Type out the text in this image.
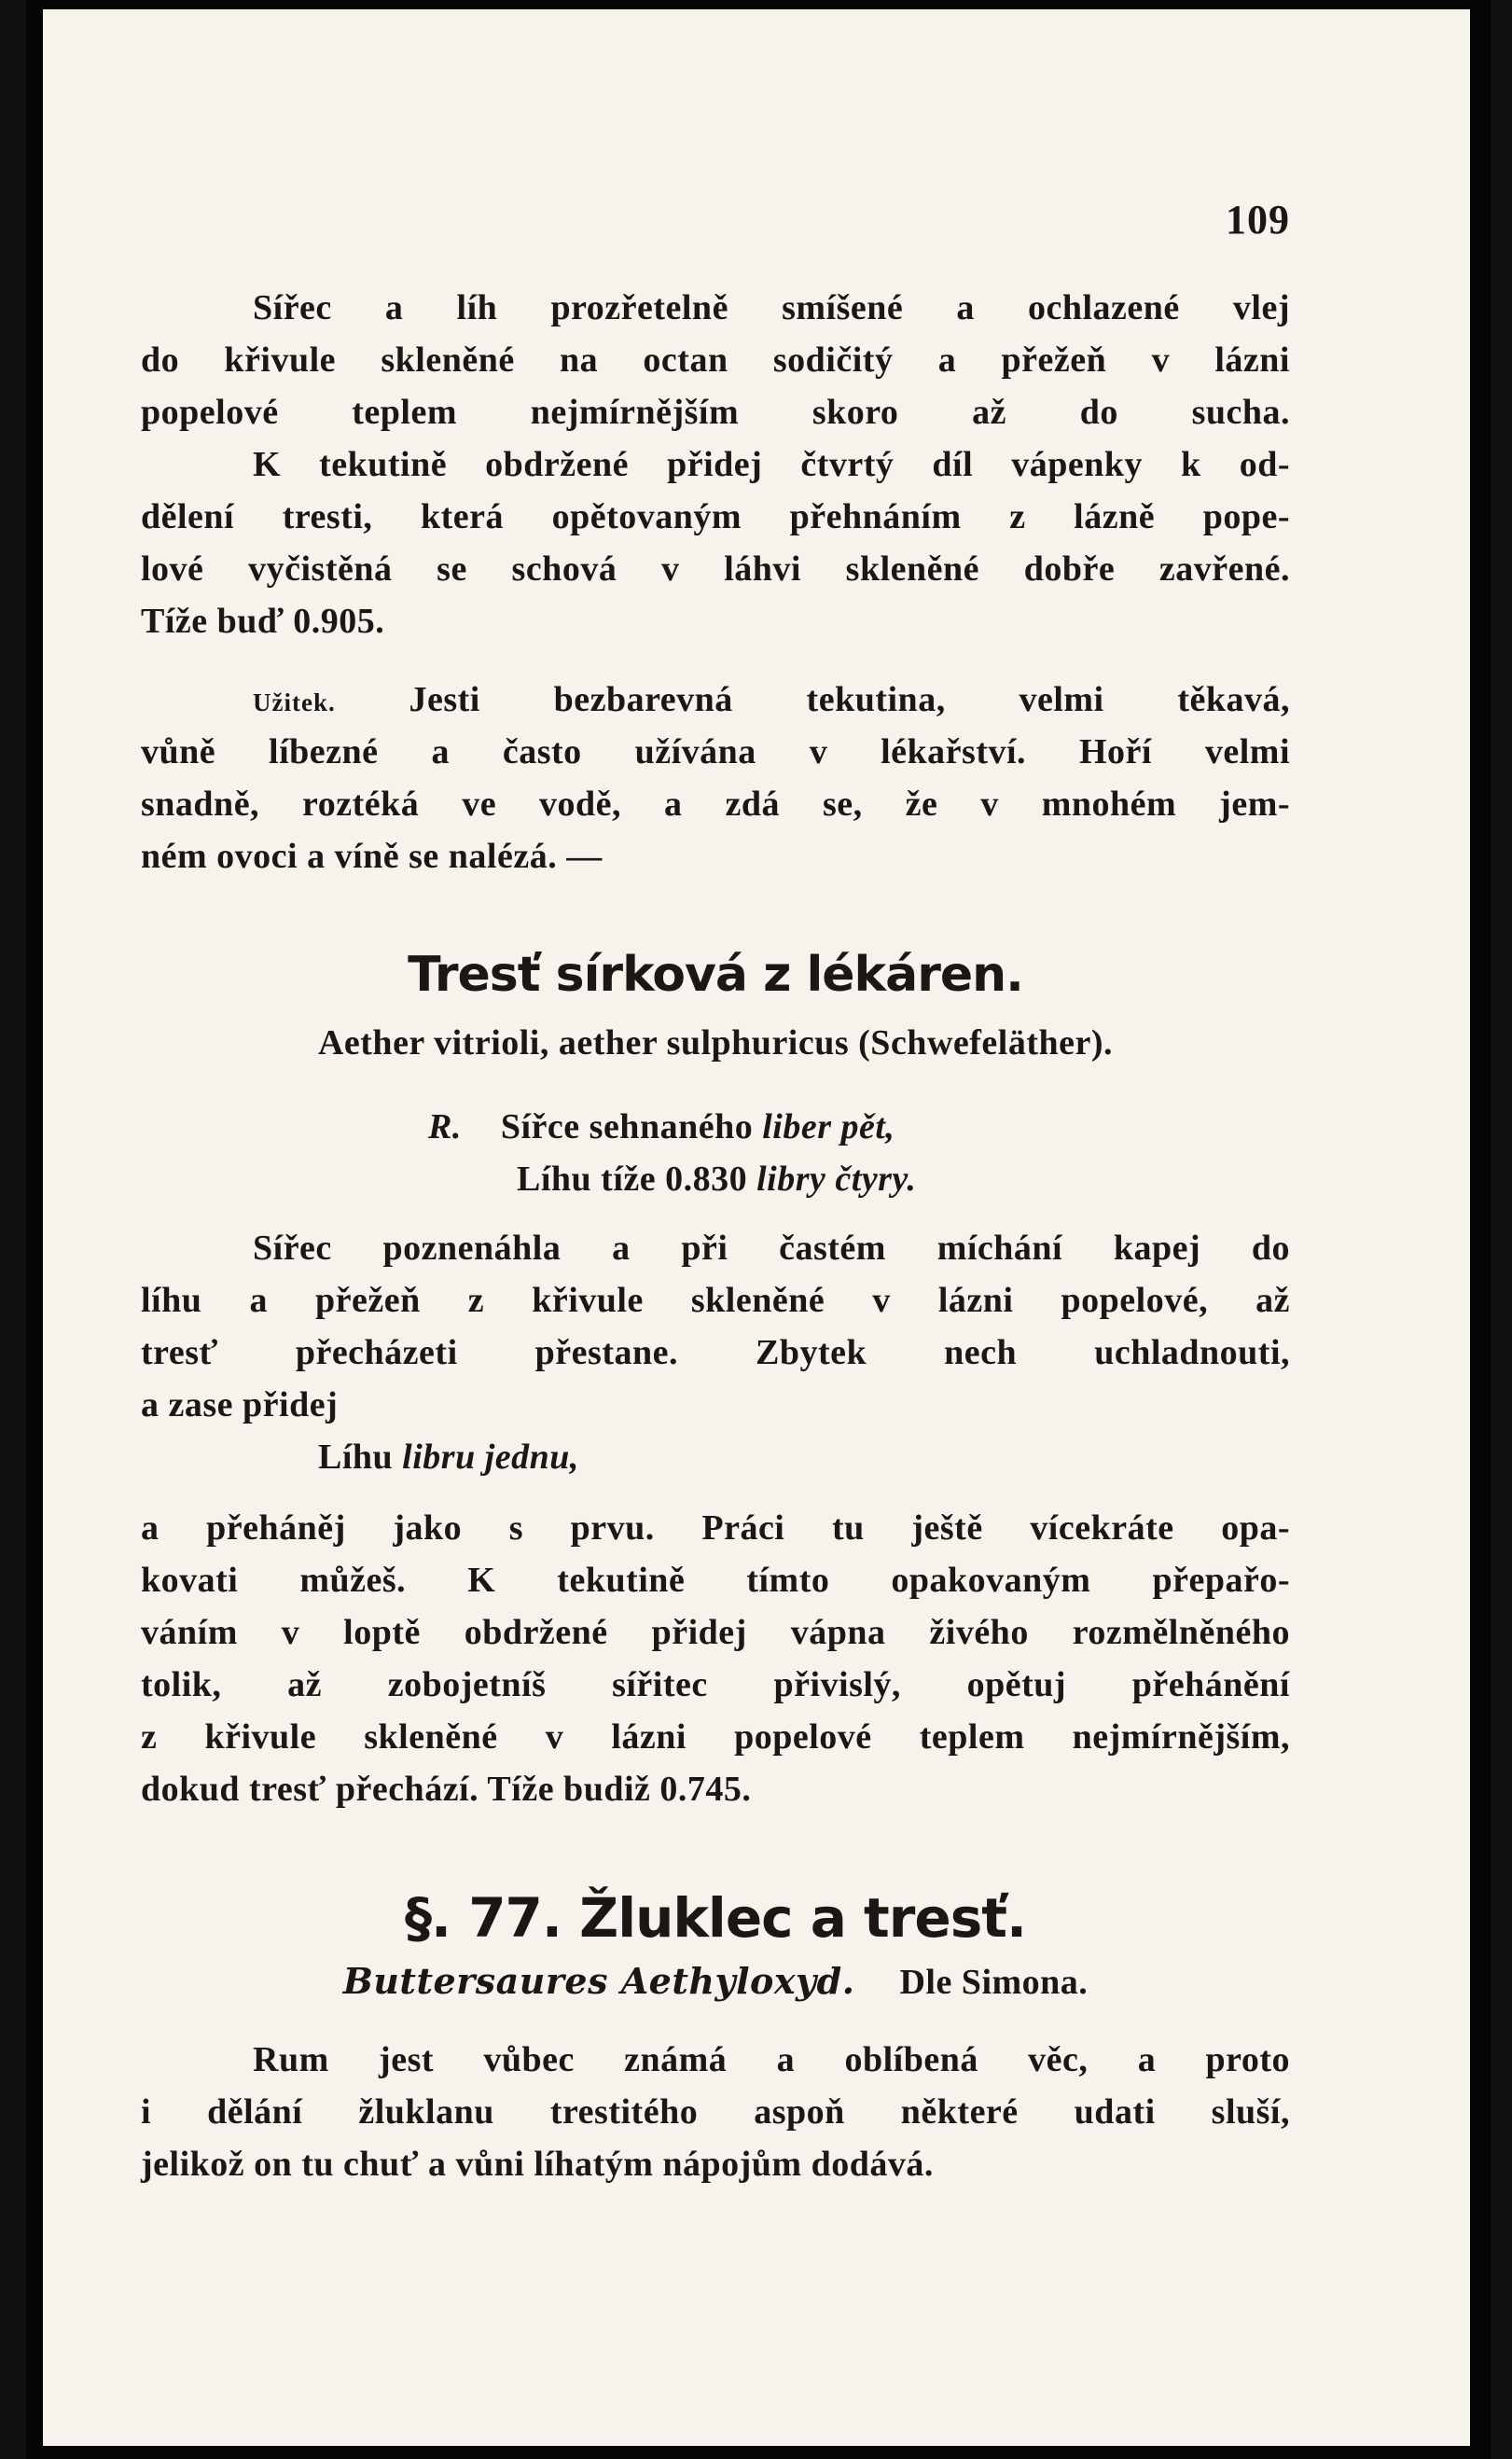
109
Sířec a líh prozřetelně smíšené a ochlazené vlej
do křivule skleněné na octan sodičitý a přežeň v lázni
popelové teplem nejmírnějším skoro až do sucha.
K tekutině obdržené přidej čtvrtý díl vápenky k od-
dělení tresti, která opětovaným přehnáním z lázně pope-
lové vyčistěná se schová v láhvi skleněné dobře zavřené.
Tíže buď 0.905.
Užitek. Jesti bezbarevná tekutina, velmi těkavá,
vůně líbezné a často užívána v lékařství. Hoří velmi
snadně, roztéká ve vodě, a zdá se, že v mnohém jem-
ném ovoci a víně se nalézá. —
Tresť sírková z lékáren.
Aether vitrioli, aether sulphuricus (Schwefeläther).
R. Sířce sehnaného liber pět,
Líhu tíže 0.830 libry čtyry.
Sířec poznenáhla a při častém míchání kapej do
líhu a přežeň z křivule skleněné v lázni popelové, až
tresť přecházeti přestane. Zbytek nech uchladnouti,
a zase přidej
Líhu libru jednu,
a přeháněj jako s prvu. Práci tu ještě vícekráte opa-
kovati můžeš. K tekutině tímto opakovaným přepařo-
váním v loptě obdržené přidej vápna živého rozmělněného
tolik, až zobojetníš sířitec přivislý, opětuj přehánění
z křivule skleněné v lázni popelové teplem nejmírnějším,
dokud tresť přechází. Tíže budiž 0.745.
§. 77. Žluklec a tresť.
Buttersaures Aethyloxyd. Dle Simona.
Rum jest vůbec známá a oblíbená věc, a proto
i dělání žluklanu trestitého aspoň některé udati sluší,
jelikož on tu chuť a vůni líhatým nápojům dodává.
